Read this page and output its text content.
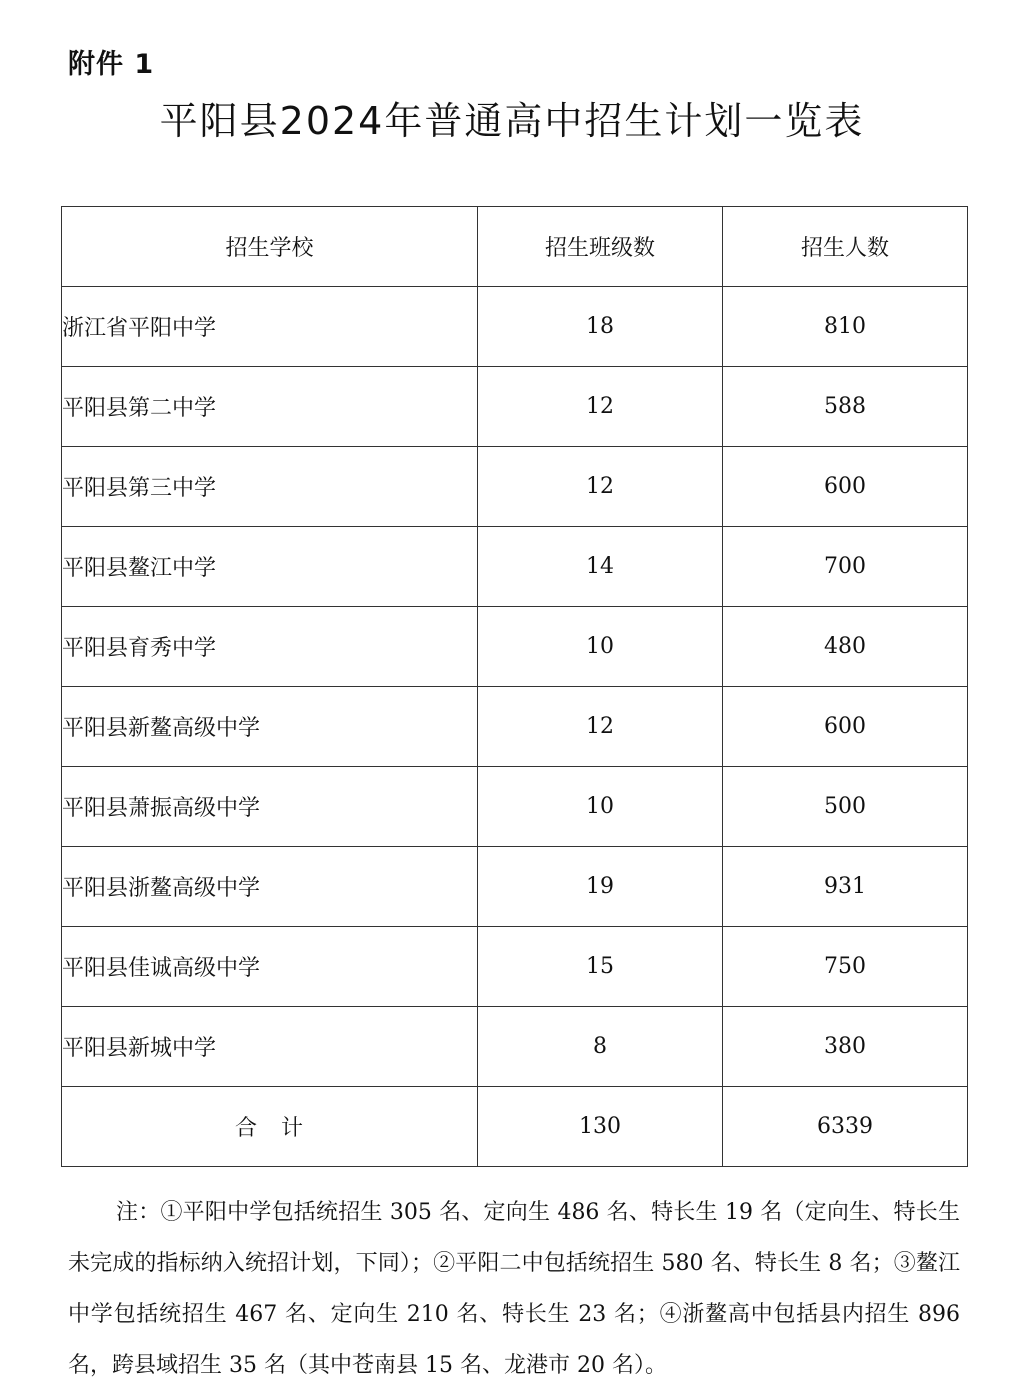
附件 1
平阳县2024年普通高中招生计划一览表
招生学校	招生班级数	招生人数
浙江省平阳中学	18	810
平阳县第二中学	12	588
平阳县第三中学	12	600
平阳县鳌江中学	14	700
平阳县育秀中学	10	480
平阳县新鳌高级中学	12	600
平阳县萧振高级中学	10	500
平阳县浙鳌高级中学	19	931
平阳县佳诚高级中学	15	750
平阳县新城中学	8	380
合　计	130	6339

注：①平阳中学包括统招生 305 名、定向生 486 名、特长生 19 名（定向生、特长生未完成的指标纳入统招计划，下同）；②平阳二中包括统招生 580 名、特长生 8 名；③鳌江中学包括统招生 467 名、定向生 210 名、特长生 23 名；④浙鳌高中包括县内招生 896 名，跨县域招生 35 名（其中苍南县 15 名、龙港市 20 名）。
